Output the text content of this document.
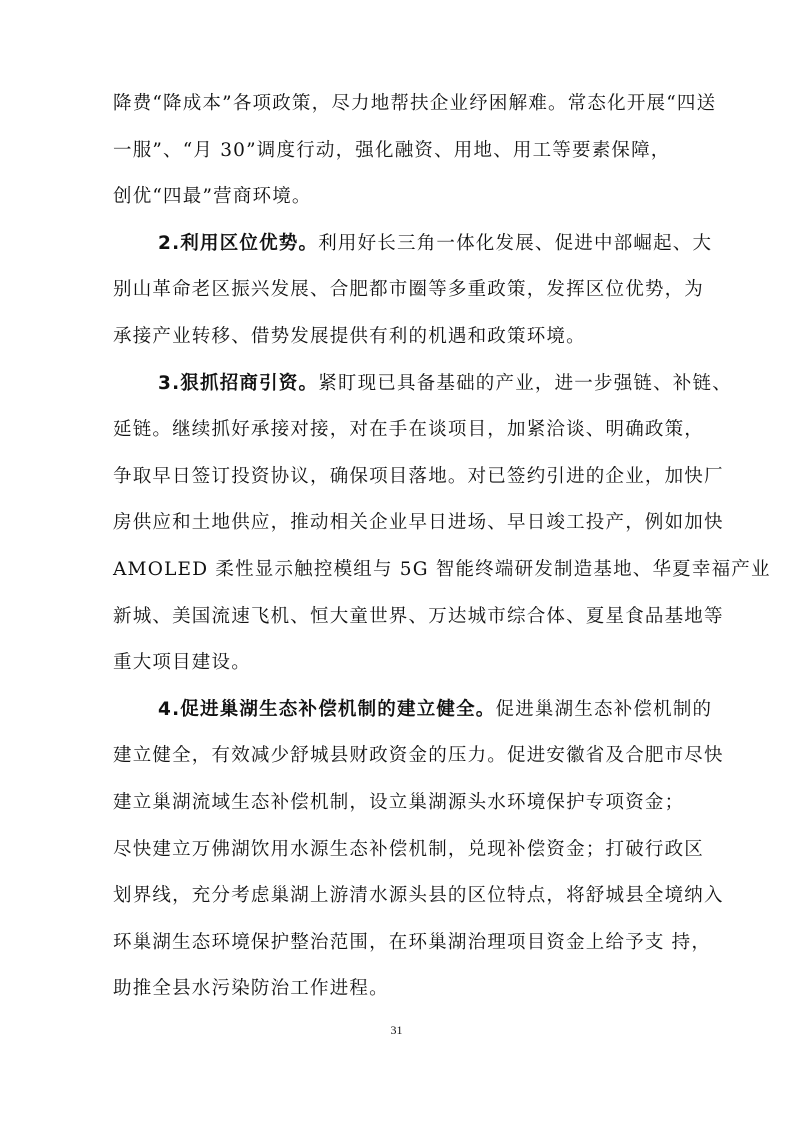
降费“降成本”各项政策，尽力地帮扶企业纾困解难。常态化开展“四送
一服”、“月 30”调度行动，强化融资、用地、用工等要素保障，
创优“四最”营商环境。
2.利用区位优势。利用好长三角一体化发展、促进中部崛起、大
别山革命老区振兴发展、合肥都市圈等多重政策，发挥区位优势，为
承接产业转移、借势发展提供有利的机遇和政策环境。
3.狠抓招商引资。紧盯现已具备基础的产业，进一步强链、补链、
延链。继续抓好承接对接，对在手在谈项目，加紧洽谈、明确政策，
争取早日签订投资协议，确保项目落地。对已签约引进的企业，加快厂
房供应和土地供应，推动相关企业早日进场、早日竣工投产，例如加快
AMOLED 柔性显示触控模组与 5G 智能终端研发制造基地、华夏幸福产业
新城、美国流速飞机、恒大童世界、万达城市综合体、夏星食品基地等
重大项目建设。
4.促进巢湖生态补偿机制的建立健全。促进巢湖生态补偿机制的
建立健全，有效减少舒城县财政资金的压力。促进安徽省及合肥市尽快
建立巢湖流域生态补偿机制，设立巢湖源头水环境保护专项资金；
尽快建立万佛湖饮用水源生态补偿机制，兑现补偿资金；打破行政区
划界线，充分考虑巢湖上游清水源头县的区位特点，将舒城县全境纳入
环巢湖生态环境保护整治范围，在环巢湖治理项目资金上给予支 持，
31
助推全县水污染防治工作进程。
